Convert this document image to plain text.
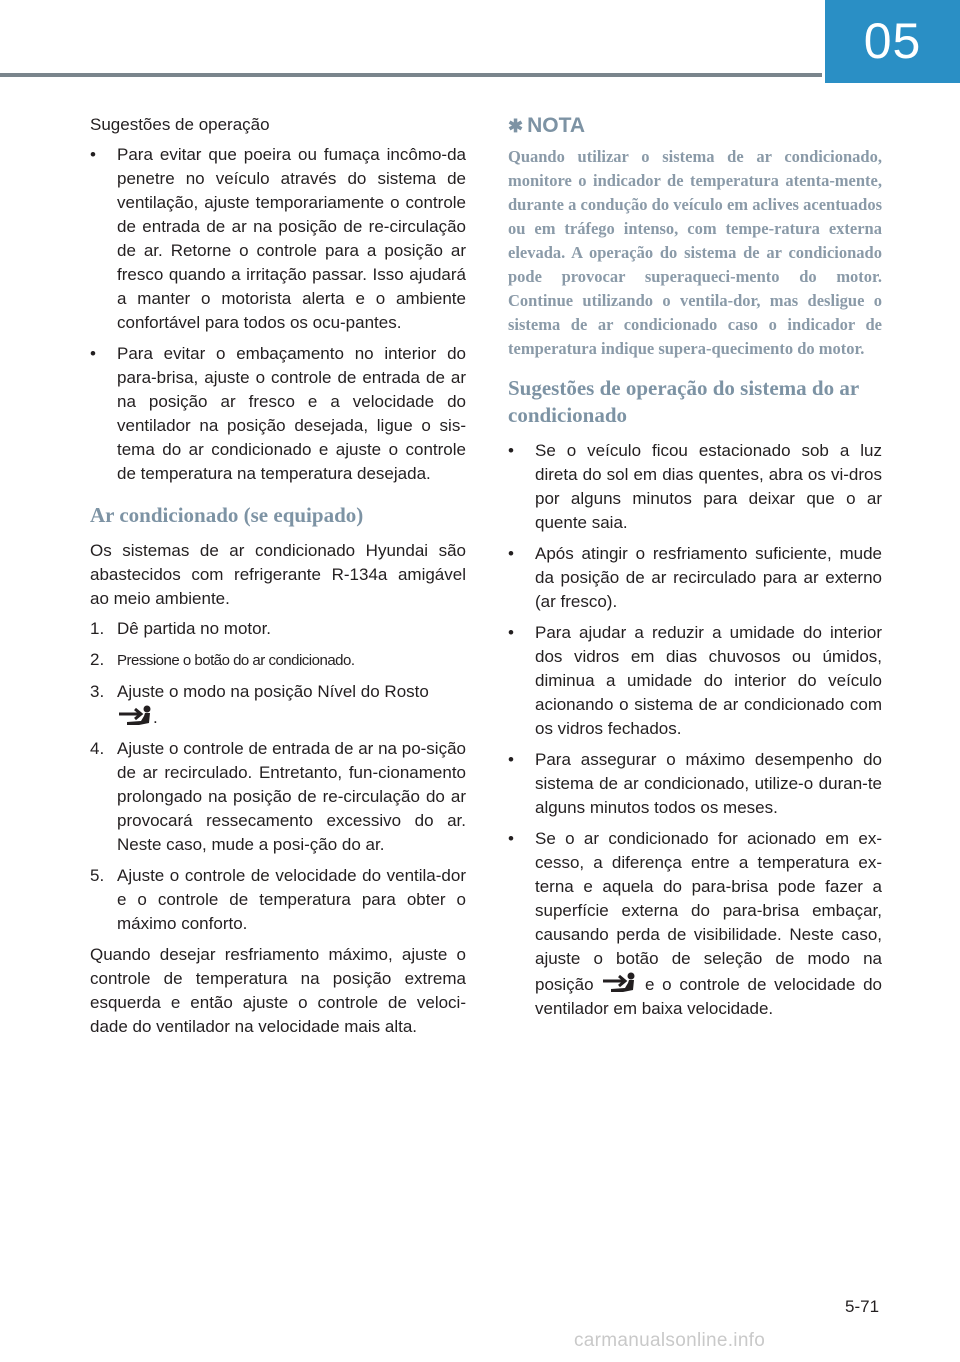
05

Sugestões de operação

• Para evitar que poeira ou fumaça incômo-da penetre no veículo através do sistema de ventilação, ajuste temporariamente o controle de entrada de ar na posição de re-circulação de ar. Retorne o controle para a posição ar fresco quando a irritação passar. Isso ajudará a manter o motorista alerta e o ambiente confortável para todos os ocu-pantes.
• Para evitar o embaçamento no interior do para-brisa, ajuste o controle de entrada de ar na posição ar fresco e a velocidade do ventilador na posição desejada, ligue o sis-tema do ar condicionado e ajuste o controle de temperatura na temperatura desejada.
Ar condicionado (se equipado)

Os sistemas de ar condicionado Hyundai são abastecidos com refrigerante R-134a amigável ao meio ambiente.

1. Dê partida no motor.
2. Pressione o botão do ar condicionado.
3. Ajuste o modo na posição Nível do Rosto
.
4. Ajuste o controle de entrada de ar na po-sição de ar recirculado. Entretanto, fun-cionamento prolongado na posição de re-circulação do ar provocará ressecamento excessivo do ar. Neste caso, mude a posi-ção do ar.
5. Ajuste o controle de velocidade do ventila-dor e o controle de temperatura para obter o máximo conforto.

Quando desejar resfriamento máximo, ajuste o controle de temperatura na posição extrema esquerda e então ajuste o controle de veloci-dade do ventilador na velocidade mais alta.

✱ NOTA

Quando utilizar o sistema de ar condicionado, monitore o indicador de temperatura atenta-mente, durante a condução do veículo em aclives acentuados ou em tráfego intenso, com tempe-ratura externa elevada. A operação do sistema de ar condicionado pode provocar superaqueci-mento do motor. Continue utilizando o ventila-dor, mas desligue o sistema de ar condicionado caso o indicador de temperatura indique supera-quecimento do motor.

Sugestões de operação do sistema do ar condicionado
• Se o veículo ficou estacionado sob a luz direta do sol em dias quentes, abra os vi-dros por alguns minutos para deixar que o ar quente saia.
• Após atingir o resfriamento suficiente, mude da posição de ar recirculado para ar externo (ar fresco).
• Para ajudar a reduzir a umidade do interior dos vidros em dias chuvosos ou úmidos, diminua a umidade do interior do veículo acionando o sistema de ar condicionado com os vidros fechados.
• Para assegurar o máximo desempenho do sistema de ar condicionado, utilize-o duran-te alguns minutos todos os meses.
• Se o ar condicionado for acionado em ex-cesso, a diferença entre a temperatura ex-terna e aquela do para-brisa pode fazer a superfície externa do para-brisa embaçar, causando perda de visibilidade. Neste caso, ajuste o botão de seleção de modo na posição	e o controle de velocidade do ventilador em baixa velocidade.
5-71
carmanualsonline.info
